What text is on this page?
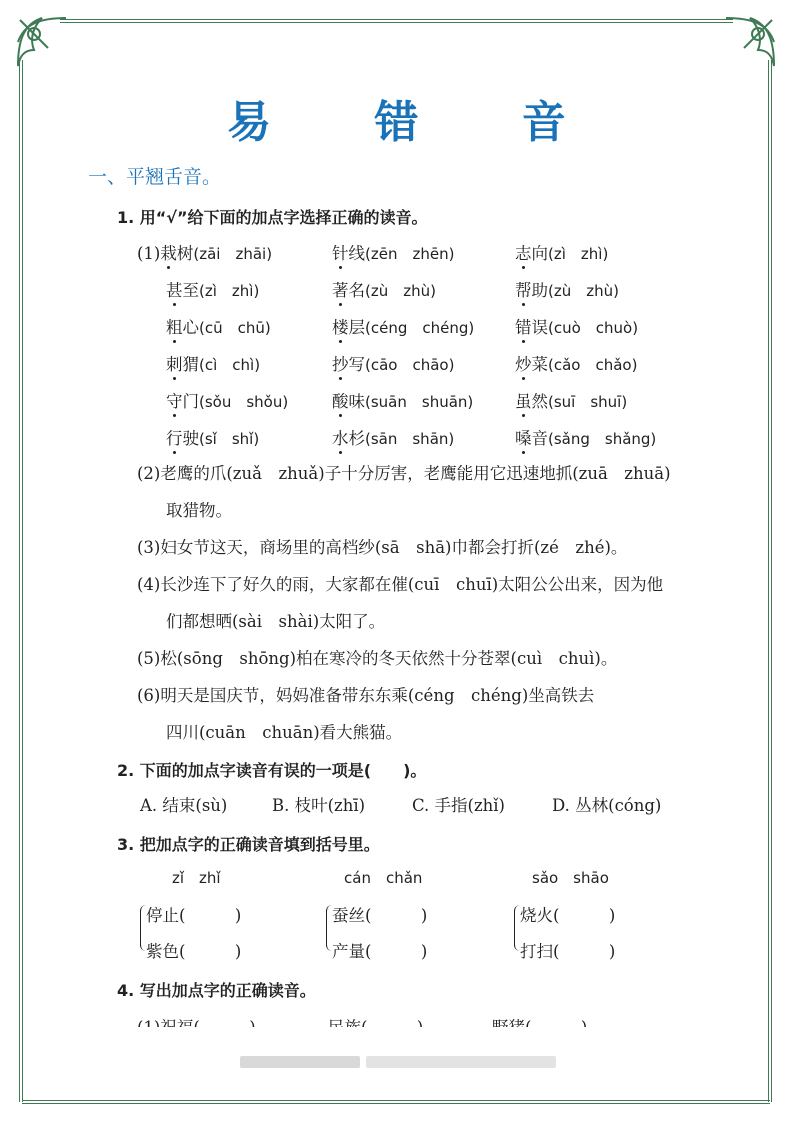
易 错 音
一、平翘舌音。
1. 用“√”给下面的加点字选择正确的读音。
(1)栽树(zāi　zhāi)	针线(zēn　zhēn)	志向(zì　zhì)
甚至(zì　zhì)	著名(zù　zhù)	帮助(zù　zhù)
粗心(cū　chū)	楼层(céng　chéng) 错误(cuò　chuò)
刺猬(cì　chì)	抄写(cāo　chāo)	炒菜(cǎo　chǎo)
守门(sǒu　shǒu)	酸味(suān　shuān)	虽然(suī　shuī)
行驶(sǐ　shǐ)	水杉(sān　shān)	嗓音(sǎng　shǎng)
(2)老鹰的爪(zuǎ　zhuǎ)子十分厉害，老鹰能用它迅速地抓(zuā　zhuā)
取猎物。
(3)妇女节这天，商场里的高档纱(sā　shā)巾都会打折(zé　zhé)。
(4)长沙连下了好久的雨，大家都在催(cuī　chuī)太阳公公出来，因为他
们都想晒(sài　shài)太阳了。
(5)松(sōng　shōng)柏在寒冷的冬天依然十分苍翠(cuì　chuì)。
(6)明天是国庆节，妈妈准备带东东乘(céng　chéng)坐高铁去
四川(cuān　chuān)看大熊猫。
2. 下面的加点字读音有误的一项是(　　)。
A. 结束(sù)	B. 枝叶(zhī)	C. 手指(zhǐ)	D. 丛林(cóng)
3. 把加点字的正确读音填到括号里。
zǐ　zhǐ
停止(　　　)
紫色(　　　)
cán　chǎn
蚕丝(　　　)
产量(　　　)
sǎo　shāo
烧火(　　　)
打扫(　　　)
4. 写出加点字的正确读音。
